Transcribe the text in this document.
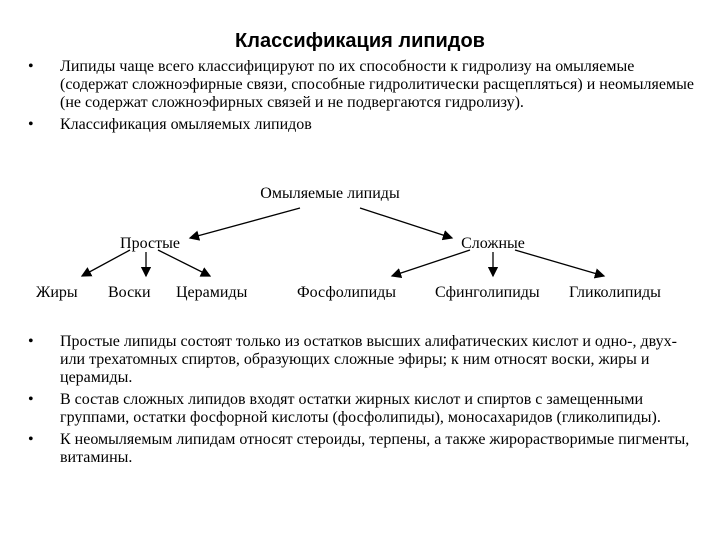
Классификация липидов
• Липиды чаще всего классифицируют по их способности к гидролизу на омыляемые (содержат сложноэфирные связи, способные гидролитически расщепляться) и неомыляемые (не содержат сложноэфирных связей и не подвергаются гидролизу).
• Классификация омыляемых липидов
Омыляемые липиды
Простые	Сложные
Жиры Воски Церамиды	Фосфолипиды Сфинголипиды Гликолипиды
• Простые липиды состоят только из остатков высших алифатических кислот и одно-, двух- или трехатомных спиртов, образующих сложные эфиры; к ним относят воски, жиры и церамиды.
• В состав сложных липидов входят остатки жирных кислот и спиртов с замещенными группами, остатки фосфорной кислоты (фосфолипиды), моносахаридов (гликолипиды).
• К неомыляемым липидам относят стероиды, терпены, а также жирорастворимые пигменты, витамины.
